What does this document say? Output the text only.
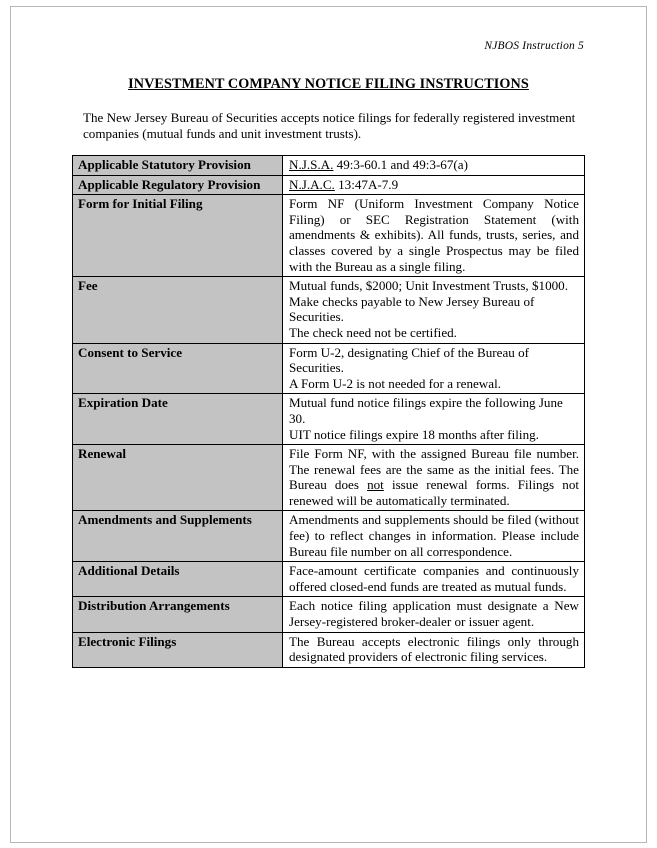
NJBOS Instruction 5
INVESTMENT COMPANY NOTICE FILING INSTRUCTIONS
The New Jersey Bureau of Securities accepts notice filings for federally registered investment companies (mutual funds and unit investment trusts).
Applicable Statutory Provision	N.J.S.A. 49:3-60.1 and 49:3-67(a)
Applicable Regulatory Provision	N.J.A.C. 13:47A-7.9
Form for Initial Filing	Form NF (Uniform Investment Company Notice Filing) or SEC Registration Statement (with amendments & exhibits). All funds, trusts, series, and classes covered by a single Prospectus may be filed with the Bureau as a single filing.
Fee	Mutual funds, $2000; Unit Investment Trusts, $1000.
Make checks payable to New Jersey Bureau of Securities.
The check need not be certified.

Consent to Service	Form U-2, designating Chief of the Bureau of Securities.
A Form U-2 is not needed for a renewal.

Expiration Date	Mutual fund notice filings expire the following June 30.
UIT notice filings expire 18 months after filing.

Renewal	File Form NF, with the assigned Bureau file number. The renewal fees are the same as the initial fees. The Bureau does not issue renewal forms. Filings not renewed will be automatically terminated.
Amendments and Supplements	Amendments and supplements should be filed (without fee) to reflect changes in information. Please include Bureau file number on all correspondence.
Additional Details	Face-amount certificate companies and continuously offered closed-end funds are treated as mutual funds.
Distribution Arrangements	Each notice filing application must designate a New Jersey-registered broker-dealer or issuer agent.
Electronic Filings	The Bureau accepts electronic filings only through designated providers of electronic filing services.
